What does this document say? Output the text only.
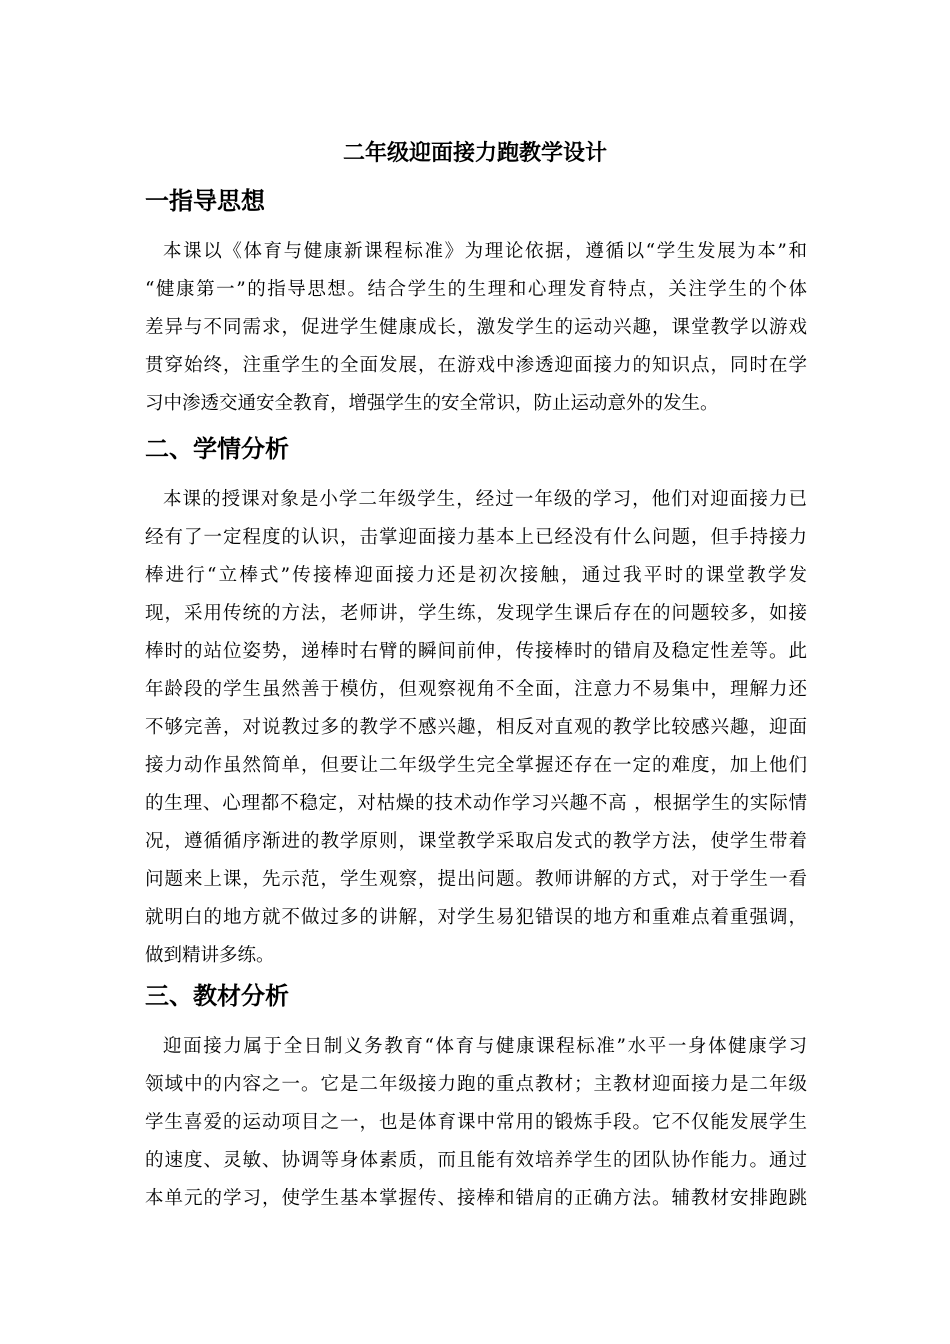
二年级迎面接力跑教学设计
一指导思想
本课以《体育与健康新课程标准》为理论依据，遵循以“学生发展为本”和
“健康第一”的指导思想。结合学生的生理和心理发育特点，关注学生的个体
差异与不同需求，促进学生健康成长，激发学生的运动兴趣，课堂教学以游戏
贯穿始终，注重学生的全面发展，在游戏中渗透迎面接力的知识点，同时在学
习中渗透交通安全教育，增强学生的安全常识，防止运动意外的发生。
二、学情分析
本课的授课对象是小学二年级学生，经过一年级的学习，他们对迎面接力已
经有了一定程度的认识，击掌迎面接力基本上已经没有什么问题，但手持接力
棒进行“立棒式”传接棒迎面接力还是初次接触，通过我平时的课堂教学发
现，采用传统的方法，老师讲，学生练，发现学生课后存在的问题较多，如接
棒时的站位姿势，递棒时右臂的瞬间前伸，传接棒时的错肩及稳定性差等。此
年龄段的学生虽然善于模仿，但观察视角不全面，注意力不易集中，理解力还
不够完善，对说教过多的教学不感兴趣，相反对直观的教学比较感兴趣，迎面
接力动作虽然简单，但要让二年级学生完全掌握还存在一定的难度，加上他们
的生理、心理都不稳定，对枯燥的技术动作学习兴趣不高 ，根据学生的实际情
况，遵循循序渐进的教学原则，课堂教学采取启发式的教学方法，使学生带着
问题来上课，先示范，学生观察，提出问题。教师讲解的方式，对于学生一看
就明白的地方就不做过多的讲解，对学生易犯错误的地方和重难点着重强调，
做到精讲多练。
三、教材分析
迎面接力属于全日制义务教育“体育与健康课程标准”水平一身体健康学习
领域中的内容之一。它是二年级接力跑的重点教材；主教材迎面接力是二年级
学生喜爱的运动项目之一，也是体育课中常用的锻炼手段。它不仅能发展学生
的速度、灵敏、协调等身体素质，而且能有效培养学生的团队协作能力。通过
本单元的学习，使学生基本掌握传、接棒和错肩的正确方法。辅教材安排跑跳
